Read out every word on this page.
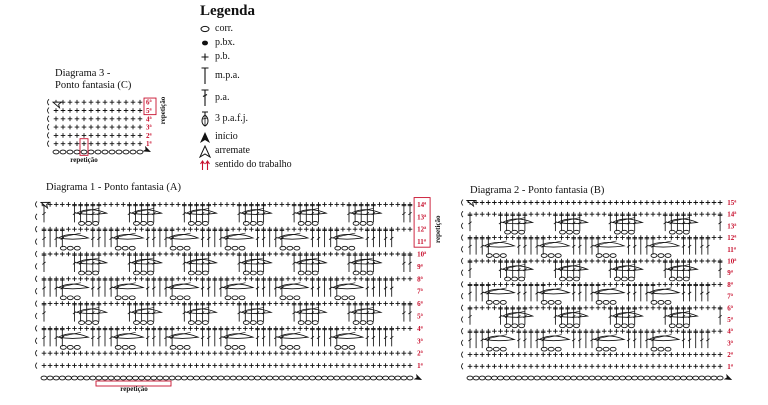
Legenda
corr.
p.bx.
p.b.
m.p.a.
p.a.
3 p.a.f.j.
início
arremate
sentido do trabalho
Diagrama 3 -
Ponto fantasia (C)
Diagrama 1 - Ponto fantasia (A)	Diagrama 2 - Ponto fantasia (B)
1ª
2ª
3ª
4ª
5ª
6ª repetição
repetição
1ª
2ª
3ª
4ª
5ª
6ª
7ª
8ª
9ª
10ª
11ª
12ª
13ª
14ª
repetição
repetição
1ª
2ª
3ª
4ª
5ª
6ª
7ª
8ª
9ª
10ª
11ª
12ª
13ª
14ª
15ª
